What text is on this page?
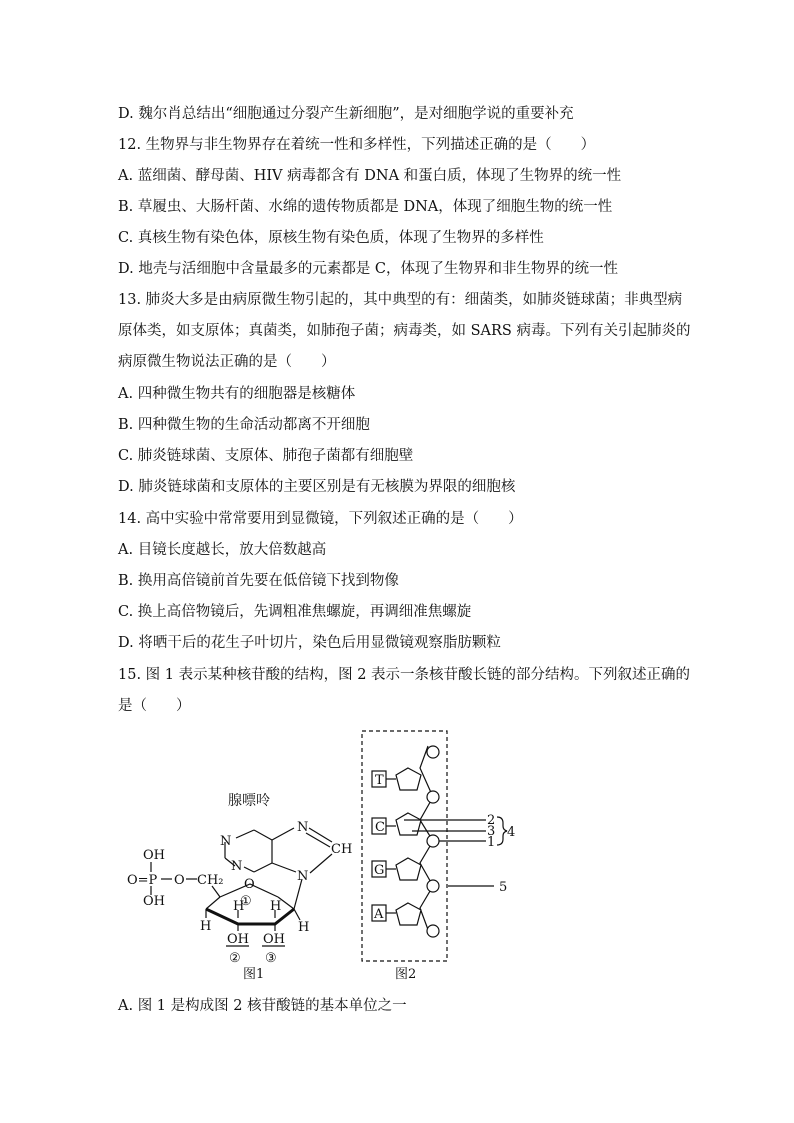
D. 魏尔肖总结出“细胞通过分裂产生新细胞”，是对细胞学说的重要补充
12. 生物界与非生物界存在着统一性和多样性，下列描述正确的是（　　）
A. 蓝细菌、酵母菌、HIV 病毒都含有 DNA 和蛋白质，体现了生物界的统一性
B. 草履虫、大肠杆菌、水绵的遗传物质都是 DNA，体现了细胞生物的统一性
C. 真核生物有染色体，原核生物有染色质，体现了生物界的多样性
D. 地壳与活细胞中含量最多的元素都是 C，体现了生物界和非生物界的统一性
13. 肺炎大多是由病原微生物引起的，其中典型的有：细菌类，如肺炎链球菌；非典型病
原体类，如支原体；真菌类，如肺孢子菌；病毒类，如 SARS 病毒。下列有关引起肺炎的
病原微生物说法正确的是（　　）
A. 四种微生物共有的细胞器是核糖体
B. 四种微生物的生命活动都离不开细胞
C. 肺炎链球菌、支原体、肺孢子菌都有细胞壁
D. 肺炎链球菌和支原体的主要区别是有无核膜为界限的细胞核
14. 高中实验中常常要用到显微镜，下列叙述正确的是（　　）
A. 目镜长度越长，放大倍数越高
B. 换用高倍镜前首先要在低倍镜下找到物像
C. 换上高倍物镜后，先调粗准焦螺旋，再调细准焦螺旋
D. 将晒干后的花生子叶切片，染色后用显微镜观察脂肪颗粒
15. 图 1 表示某种核苷酸的结构，图 2 表示一条核苷酸长链的部分结构。下列叙述正确的
是（　　）
腺嘌呤
OH
O=P O
OH
CH₂ O
N
N
N
N
CH
H
H H
H
OH OH
①
② ③
图1
T
C
G
A
2
3
1
4
5
图2
A. 图 1 是构成图 2 核苷酸链的基本单位之一
